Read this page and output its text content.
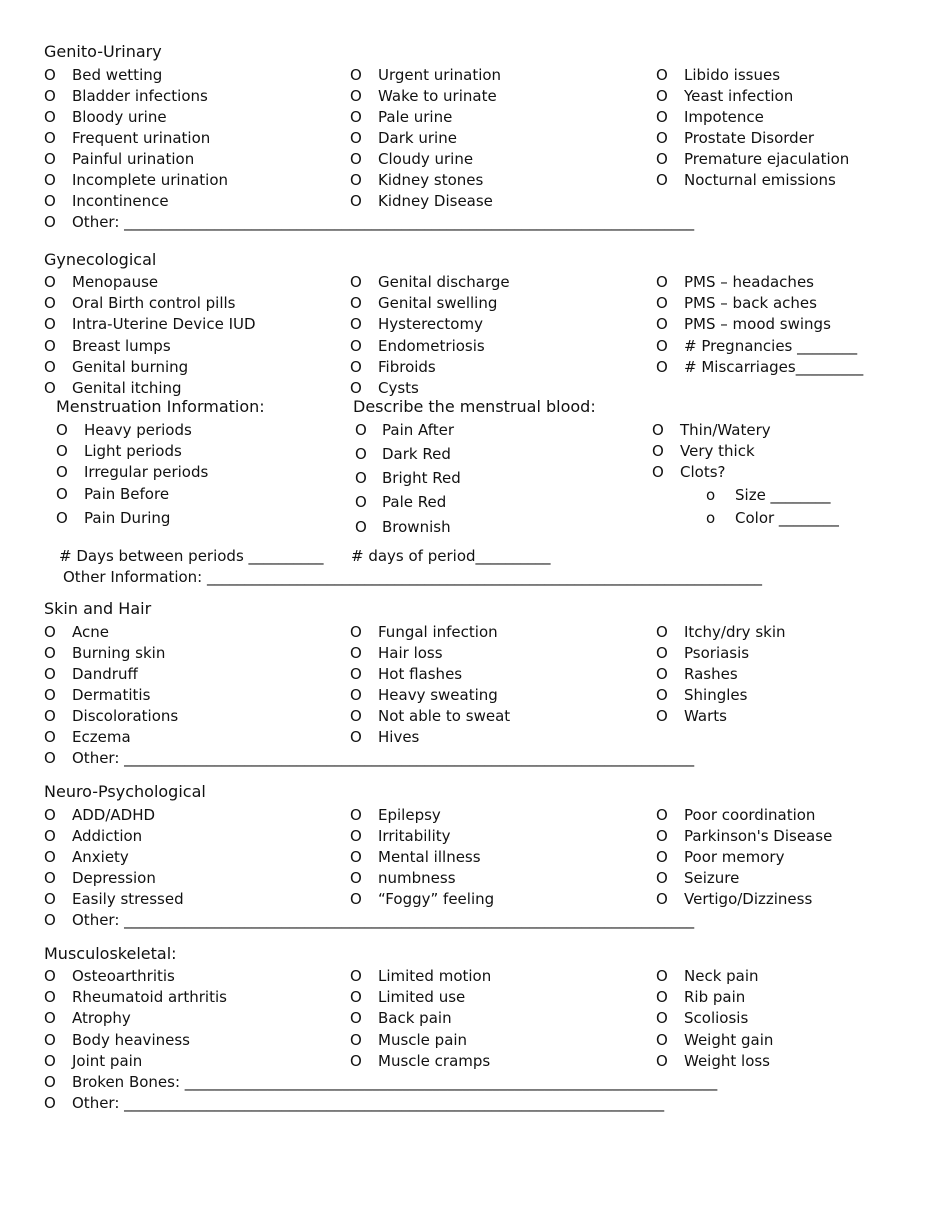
Genito-Urinary
O Bed wetting
O Bladder infections
O Bloody urine
O Frequent urination
O Painful urination
O Incomplete urination
O Incontinence
O Urgent urination
O Wake to urinate
O Pale urine
O Dark urine
O Cloudy urine
O Kidney stones
O Kidney Disease
O Libido issues
O Yeast infection
O Impotence
O Prostate Disorder
O Premature ejaculation
O Nocturnal emissions
O Other: ____________________________________________________________________________
Gynecological
O Menopause
O Oral Birth control pills
O Intra-Uterine Device IUD
O Breast lumps
O Genital burning
O Genital itching
O Genital discharge
O Genital swelling
O Hysterectomy
O Endometriosis
O Fibroids
O Cysts
O PMS – headaches
O PMS – back aches
O PMS – mood swings
O # Pregnancies ________
O # Miscarriages_________
Menstruation Information:
O Heavy periods
O Light periods
O Irregular periods
O Pain Before
O Pain During
Describe the menstrual blood:
O Pain After
O Dark Red
O Bright Red
O Pale Red
O Brownish
O Thin/Watery
O Very thick
O Clots?
o Size ________
o Color ________
# Days between periods __________ # days of period__________
Other Information: __________________________________________________________________________
Skin and Hair
O Acne
O Burning skin
O Dandruff
O Dermatitis
O Discolorations
O Eczema
O Fungal infection
O Hair loss
O Hot flashes
O Heavy sweating
O Not able to sweat
O Hives
O Itchy/dry skin
O Psoriasis
O Rashes
O Shingles
O Warts
O Other: ____________________________________________________________________________
Neuro-Psychological
O ADD/ADHD
O Addiction
O Anxiety
O Depression
O Easily stressed
O Epilepsy
O Irritability
O Mental illness
O numbness
O “Foggy” feeling
O Poor coordination
O Parkinson's Disease
O Poor memory
O Seizure
O Vertigo/Dizziness
O Other: ____________________________________________________________________________
Musculoskeletal:
O Osteoarthritis
O Rheumatoid arthritis
O Atrophy
O Body heaviness
O Joint pain
O Limited motion
O Limited use
O Back pain
O Muscle pain
O Muscle cramps
O Neck pain
O Rib pain
O Scoliosis
O Weight gain
O Weight loss
O Broken Bones: _______________________________________________________________________
O Other: ________________________________________________________________________
